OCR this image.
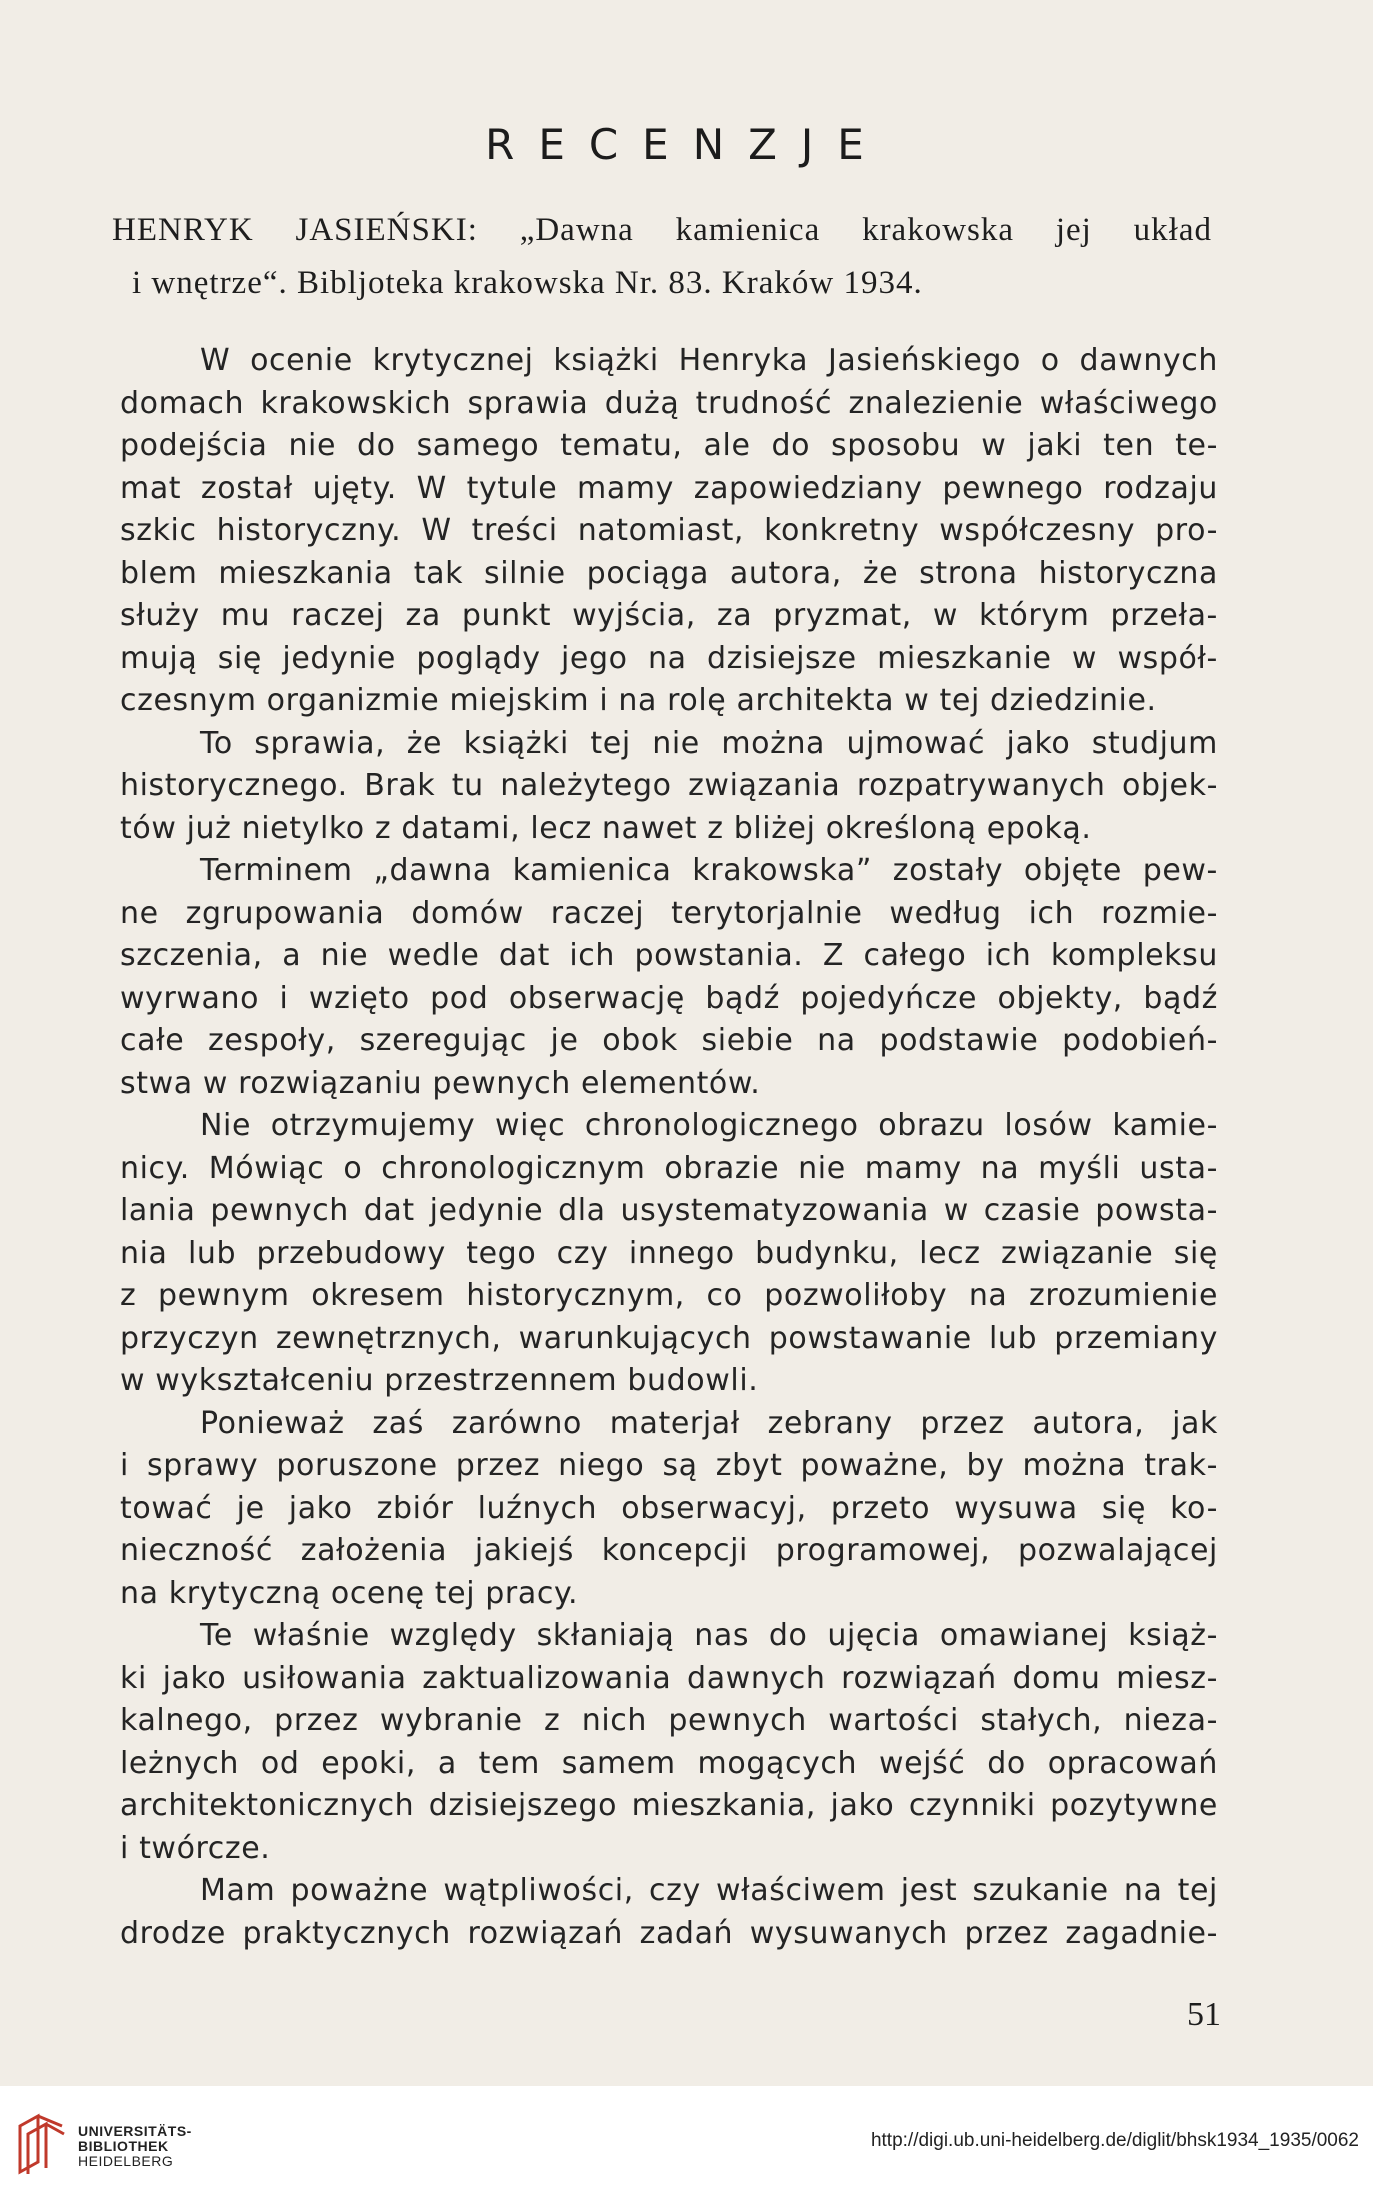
RECENZJE
HENRYK JASIEŃSKI: „Dawna kamienica krakowska jej układ
i wnętrze“. Bibljoteka krakowska Nr. 83. Kraków 1934.
W ocenie krytycznej książki Henryka Jasieńskiego o dawnych
domach krakowskich sprawia dużą trudność znalezienie właściwego
podejścia nie do samego tematu, ale do sposobu w jaki ten te-
mat został ujęty. W tytule mamy zapowiedziany pewnego rodzaju
szkic historyczny. W treści natomiast, konkretny współczesny pro-
blem mieszkania tak silnie pociąga autora, że strona historyczna
służy mu raczej za punkt wyjścia, za pryzmat, w którym przeła-
mują się jedynie poglądy jego na dzisiejsze mieszkanie w współ-
czesnym organizmie miejskim i na rolę architekta w tej dziedzinie.
To sprawia, że książki tej nie można ujmować jako studjum
historycznego. Brak tu należytego związania rozpatrywanych objek-
tów już nietylko z datami, lecz nawet z bliżej określoną epoką.
Terminem „dawna kamienica krakowska” zostały objęte pew-
ne zgrupowania domów raczej terytorjalnie według ich rozmie-
szczenia, a nie wedle dat ich powstania. Z całego ich kompleksu
wyrwano i wzięto pod obserwację bądź pojedyńcze objekty, bądź
całe zespoły, szeregując je obok siebie na podstawie podobień-
stwa w rozwiązaniu pewnych elementów.
Nie otrzymujemy więc chronologicznego obrazu losów kamie-
nicy. Mówiąc o chronologicznym obrazie nie mamy na myśli usta-
lania pewnych dat jedynie dla usystematyzowania w czasie powsta-
nia lub przebudowy tego czy innego budynku, lecz związanie się
z pewnym okresem historycznym, co pozwoliłoby na zrozumienie
przyczyn zewnętrznych, warunkujących powstawanie lub przemiany
w wykształceniu przestrzennem budowli.
Ponieważ zaś zarówno materjał zebrany przez autora, jak
i sprawy poruszone przez niego są zbyt poważne, by można trak-
tować je jako zbiór luźnych obserwacyj, przeto wysuwa się ko-
nieczność założenia jakiejś koncepcji programowej, pozwalającej
na krytyczną ocenę tej pracy.
Te właśnie względy skłaniają nas do ujęcia omawianej książ-
ki jako usiłowania zaktualizowania dawnych rozwiązań domu miesz-
kalnego, przez wybranie z nich pewnych wartości stałych, nieza-
leżnych od epoki, a tem samem mogących wejść do opracowań
architektonicznych dzisiejszego mieszkania, jako czynniki pozytywne
i twórcze.
Mam poważne wątpliwości, czy właściwem jest szukanie na tej
drodze praktycznych rozwiązań zadań wysuwanych przez zagadnie-
51
UNIVERSITÄTS-
BIBLIOTHEK
HEIDELBERG
http://digi.ub.uni-heidelberg.de/diglit/bhsk1934_1935/0062
